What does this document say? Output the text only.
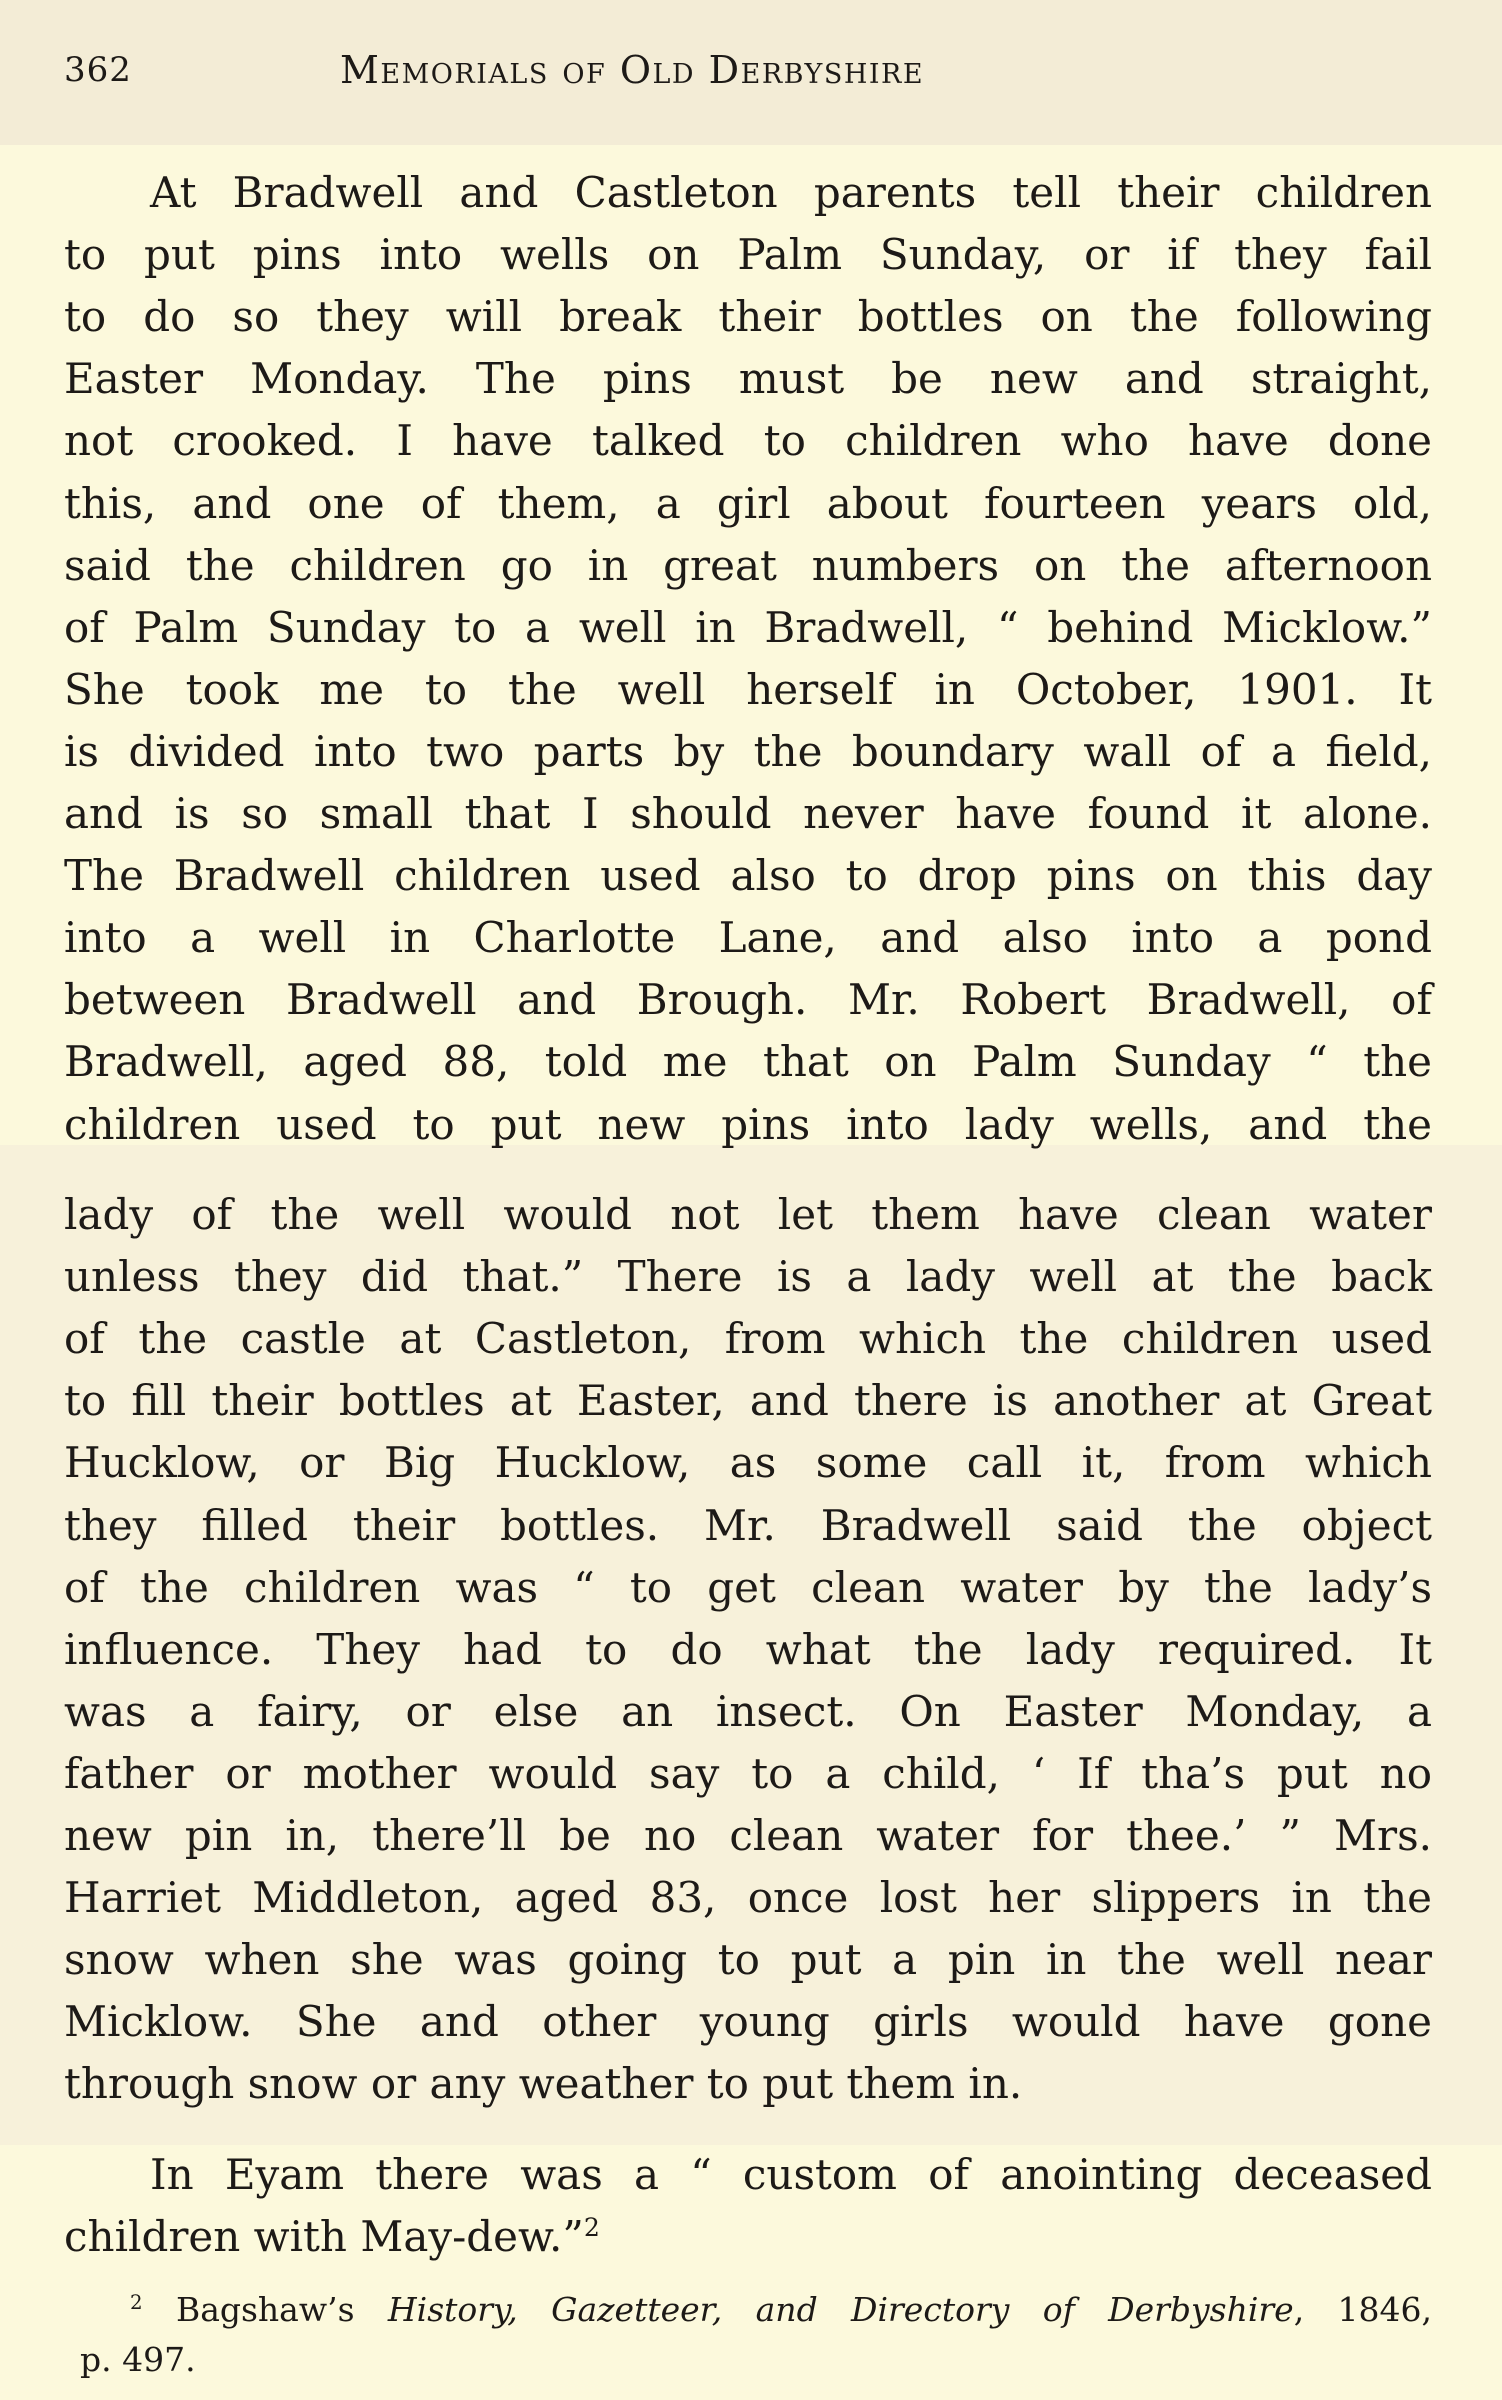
362	Memorials of Old Derbyshire
At Bradwell and Castleton parents tell their children
to put pins into wells on Palm Sunday, or if they fail
to do so they will break their bottles on the following
Easter Monday. The pins must be new and straight,
not crooked. I have talked to children who have done
this, and one of them, a girl about fourteen years old,
said the children go in great numbers on the afternoon
of Palm Sunday to a well in Bradwell, “ behind Micklow.”
She took me to the well herself in October, 1901. It
is divided into two parts by the boundary wall of a field,
and is so small that I should never have found it alone.
The Bradwell children used also to drop pins on this day
into a well in Charlotte Lane, and also into a pond
between Bradwell and Brough. Mr. Robert Bradwell, of
Bradwell, aged 88, told me that on Palm Sunday “ the
children used to put new pins into lady wells, and the
lady of the well would not let them have clean water
unless they did that.” There is a lady well at the back
of the castle at Castleton, from which the children used
to fill their bottles at Easter, and there is another at Great
Hucklow, or Big Hucklow, as some call it, from which
they filled their bottles. Mr. Bradwell said the object
of the children was “ to get clean water by the lady’s
influence. They had to do what the lady required. It
was a fairy, or else an insect. On Easter Monday, a
father or mother would say to a child, ‘ If tha’s put no
new pin in, there’ll be no clean water for thee.’ ” Mrs.
Harriet Middleton, aged 83, once lost her slippers in the
snow when she was going to put a pin in the well near
Micklow. She and other young girls would have gone
through snow or any weather to put them in.
In Eyam there was a “ custom of anointing deceased
children with May-dew.”$^2$
$^2$ Bagshaw’s History, Gazetteer, and Directory of Derbyshire, 1846,
p. 497.
